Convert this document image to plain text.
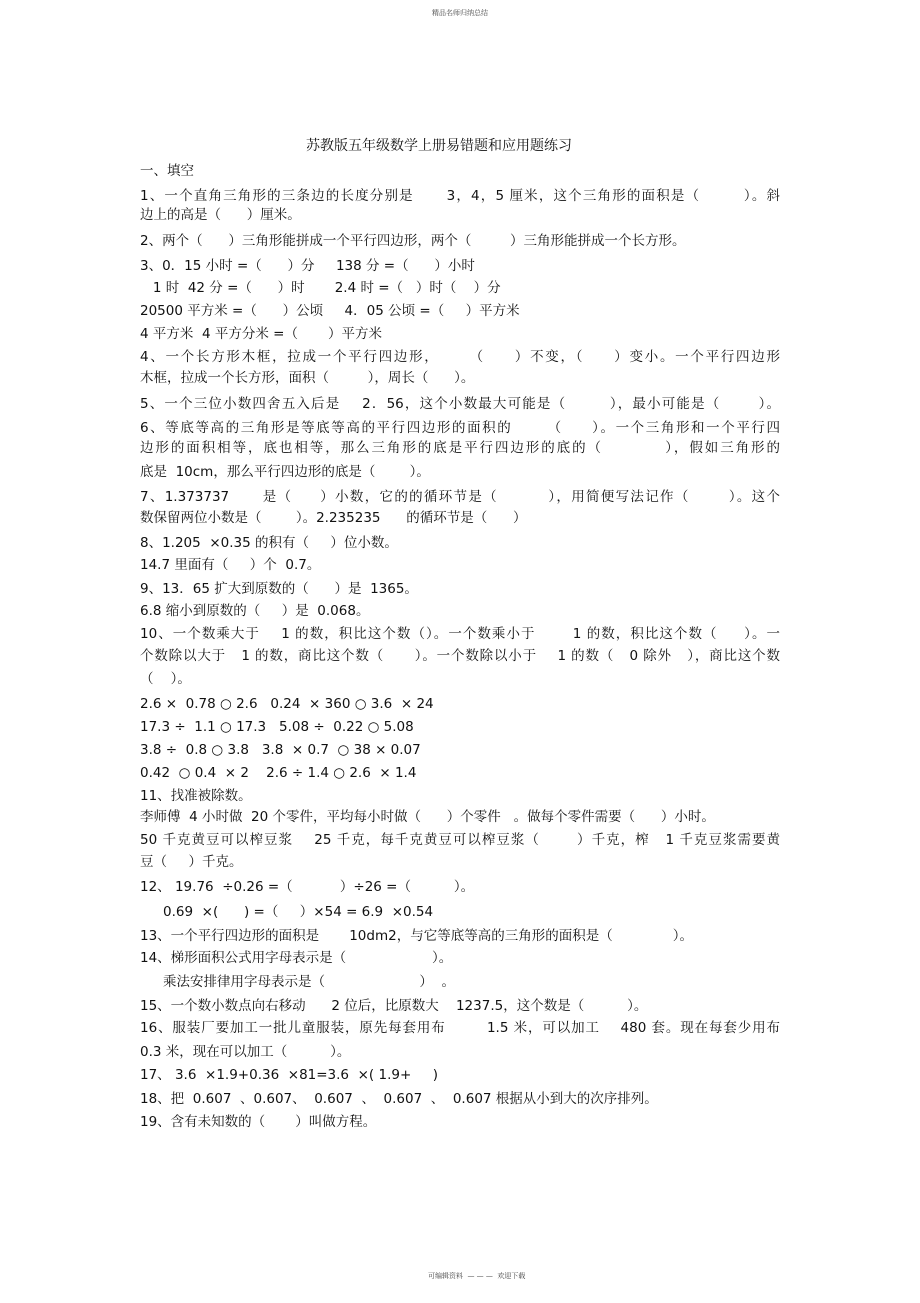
精品名师归纳总结
苏教版五年级数学上册易错题和应用题练习
一、填空
1、一个直角三角形的三条边的长度分别是      3，4，5 厘米，这个三角形的面积是（        ）。斜
边上的高是（      ）厘米。
2、两个（      ）三角形能拼成一个平行四边形，两个（         ）三角形能拼成一个长方形。
3、0．15 小时 =（      ）分     138 分 =（      ）小时
1 时  42 分 =（      ）时       2.4 时 =（   ）时（    ）分
20500 平方米 =（      ）公顷     4．05 公顷 =（     ）平方米
4 平方米  4 平方分米 =（       ）平方米
4、一个长方形木框，拉成一个平行四边形，     （     ）不变，（     ）变小。一个平行四边形
木框，拉成一个长方形，面积（         ），周长（      ）。
5、一个三位小数四舍五入后是    2．56，这个小数最大可能是（        ），最小可能是（       ）。
6、等底等高的三角形是等底等高的平行四边形的面积的      （     ）。一个三角形和一个平行四
边形的面积相等，底也相等，那么三角形的底是平行四边形的底的（          ），假如三角形的
底是  10cm，那么平行四边形的底是（        ）。
7、1.373737      是（     ）小数，它的的循环节是（         ），用简便写法记作（       ）。这个
数保留两位小数是（        ）。2.235235      的循环节是（      ）
8、1.205  ×0.35 的积有（     ）位小数。
14.7 里面有（     ）个  0.7。
9、13．65 扩大到原数的（      ）是  1365。
6.8 缩小到原数的（     ）是  0.068。
10、一个数乘大于    1 的数，积比这个数（）。一个数乘小于       1 的数，积比这个数（     ）。一
个数除以大于   1 的数，商比这个数（      ）。一个数除以小于    1 的数（   0 除外   ），商比这个数
（    ）。
2.6 ×  0.78 ○ 2.6   0.24  × 360 ○ 3.6  × 24
17.3 ÷  1.1 ○ 17.3   5.08 ÷  0.22 ○ 5.08
3.8 ÷  0.8 ○ 3.8   3.8  × 0.7  ○ 38 × 0.07
0.42  ○ 0.4  × 2    2.6 ÷ 1.4 ○ 2.6  × 1.4
11、找准被除数。
李师傅  4 小时做  20 个零件，平均每小时做（      ）个零件   。做每个零件需要（      ）小时。
50 千克黄豆可以榨豆浆    25 千克，每千克黄豆可以榨豆浆（       ）千克，榨   1 千克豆浆需要黄
豆（     ）千克。
12、 19.76  ÷0.26 =（           ）÷26 =（          ）。
0.69  ×(      ) =（     ）×54 = 6.9  ×0.54
13、一个平行四边形的面积是       10dm2，与它等底等高的三角形的面积是（              ）。
14、梯形面积公式用字母表示是（                    ）。
乘法安排律用字母表示是（                      ）  。
15、一个数小数点向右移动      2 位后，比原数大    1237.5，这个数是（          ）。
16、服装厂要加工一批儿童服装，原先每套用布        1.5 米，可以加工    480 套。现在每套少用布
0.3 米，现在可以加工（          ）。
17、 3.6  ×1.9+0.36  ×81=3.6  ×( 1.9+     )
18、把  0.607  、0.607、  0.607  、  0.607  、  0.607 根据从小到大的次序排列。
19、含有未知数的（       ）叫做方程。
可编辑资料  — — —  欢迎下载
